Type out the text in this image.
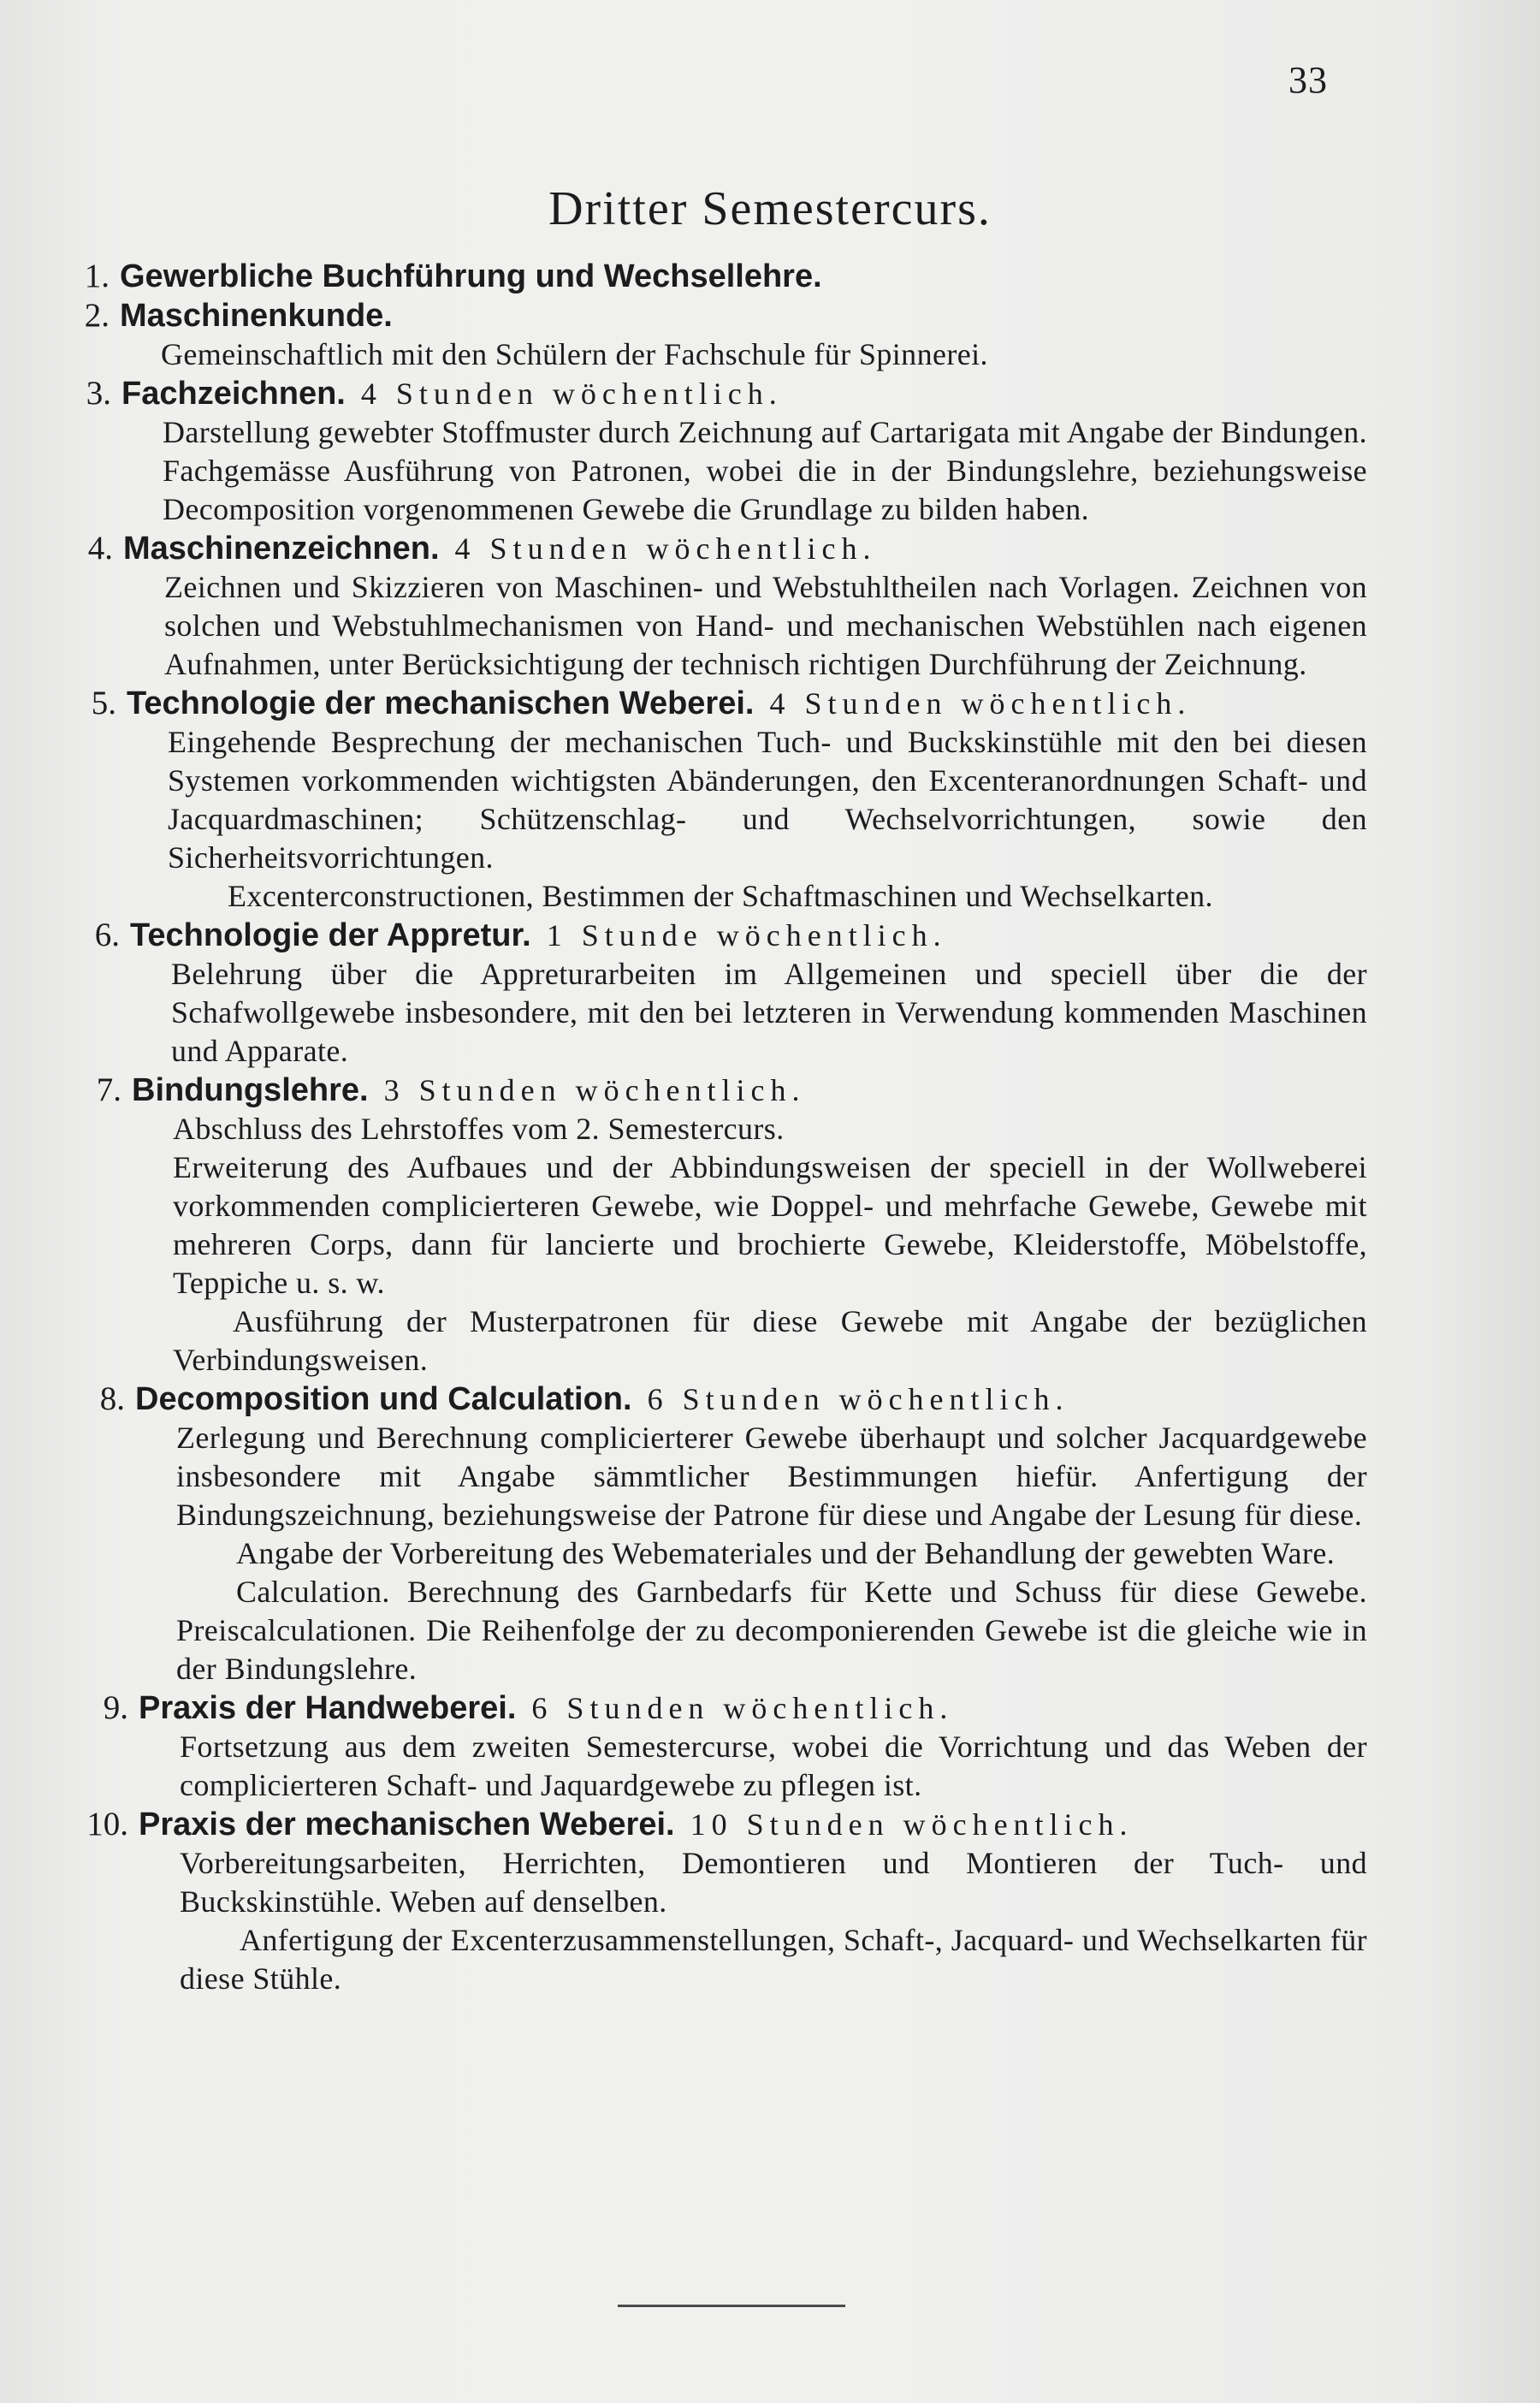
33
Dritter Semestercurs.
1. Gewerbliche Buchführung und Wechsellehre.
2. Maschinenkunde.

Gemeinschaftlich mit den Schülern der Fachschule für Spinnerei.

3. Fachzeichnen. 4 Stunden wöchentlich.

Darstellung gewebter Stoffmuster durch Zeichnung auf Cartarigata mit Angabe der Bindungen. Fachgemässe Ausführung von Patronen, wobei die in der Bindungslehre, beziehungsweise Decomposition vorgenommenen Gewebe die Grundlage zu bilden haben.

4. Maschinenzeichnen. 4 Stunden wöchentlich.

Zeichnen und Skizzieren von Maschinen- und Webstuhltheilen nach Vorlagen. Zeichnen von solchen und Webstuhlmechanismen von Hand- und mechanischen Webstühlen nach eigenen Aufnahmen, unter Berücksichtigung der technisch richtigen Durchführung der Zeichnung.

5. Technologie der mechanischen Weberei. 4 Stunden wöchentlich.

Eingehende Besprechung der mechanischen Tuch- und Buckskinstühle mit den bei diesen Systemen vorkommenden wichtigsten Abänderungen, den Excenteranordnungen Schaft- und Jacquardmaschinen; Schützenschlag- und Wechselvorrichtungen, sowie den Sicherheitsvorrichtungen.

Excenterconstructionen, Bestimmen der Schaftmaschinen und Wechselkarten.

6. Technologie der Appretur. 1 Stunde wöchentlich.

Belehrung über die Appreturarbeiten im Allgemeinen und speciell über die der Schafwollgewebe insbesondere, mit den bei letzteren in Verwendung kommenden Maschinen und Apparate.

7. Bindungslehre. 3 Stunden wöchentlich.

Abschluss des Lehrstoffes vom 2. Semestercurs.

Erweiterung des Aufbaues und der Abbindungsweisen der speciell in der Wollweberei vorkommenden complicierteren Gewebe, wie Doppel- und mehrfache Gewebe, Gewebe mit mehreren Corps, dann für lancierte und brochierte Gewebe, Kleiderstoffe, Möbelstoffe, Teppiche u. s. w.

Ausführung der Musterpatronen für diese Gewebe mit Angabe der bezüglichen Verbindungsweisen.

8. Decomposition und Calculation. 6 Stunden wöchentlich.

Zerlegung und Berechnung complicierterer Gewebe überhaupt und solcher Jacquardgewebe insbesondere mit Angabe sämmtlicher Bestimmungen hiefür. Anfertigung der Bindungszeichnung, beziehungsweise der Patrone für diese und Angabe der Lesung für diese.

Angabe der Vorbereitung des Webemateriales und der Behandlung der gewebten Ware.

Calculation. Berechnung des Garnbedarfs für Kette und Schuss für diese Gewebe. Preiscalculationen. Die Reihenfolge der zu decomponierenden Gewebe ist die gleiche wie in der Bindungslehre.

9. Praxis der Handweberei. 6 Stunden wöchentlich.

Fortsetzung aus dem zweiten Semestercurse, wobei die Vorrichtung und das Weben der complicierteren Schaft- und Jaquardgewebe zu pflegen ist.

10. Praxis der mechanischen Weberei. 10 Stunden wöchentlich.

Vorbereitungsarbeiten, Herrichten, Demontieren und Montieren der Tuch- und Buckskinstühle. Weben auf denselben.

Anfertigung der Excenterzusammenstellungen, Schaft-, Jacquard- und Wechselkarten für diese Stühle.
